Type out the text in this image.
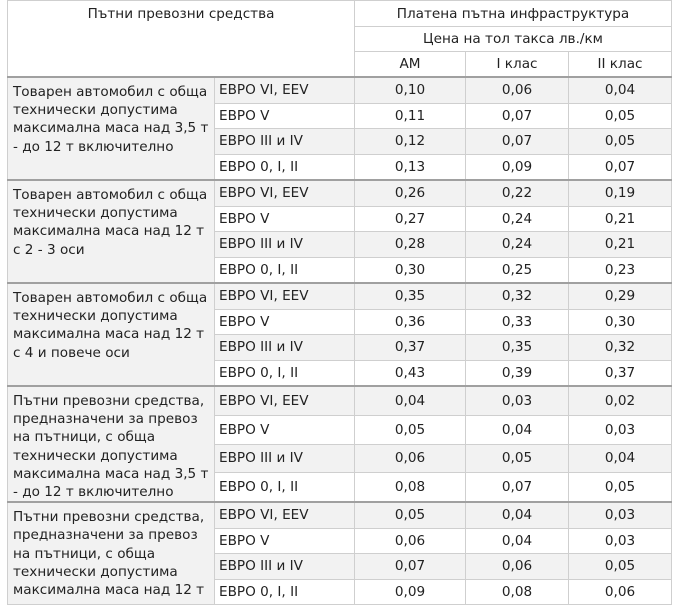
Пътни превозни средства		Платена пътна инфраструктура		
		Цена на тол такса лв./км		
		АМ	I клас	II клас
Товарен автомобил с обща технически допустима максимална маса над 3,5 т - до 12 т включително	ЕВРО VI, EEV	0,10	0,06	0,04
	ЕВРО V	0,11	0,07	0,05
	ЕВРО III и IV	0,12	0,07	0,05
	ЕВРО 0, I, II	0,13	0,09	0,07
Товарен автомобил с обща технически допустима максимална маса над 12 т с 2 - 3 оси	ЕВРО VI, EEV	0,26	0,22	0,19
	ЕВРО V	0,27	0,24	0,21
	ЕВРО III и IV	0,28	0,24	0,21
	ЕВРО 0, I, II	0,30	0,25	0,23
Товарен автомобил с обща технически допустима максимална маса над 12 т с 4 и повече оси	ЕВРО VI, EEV	0,35	0,32	0,29
	ЕВРО V	0,36	0,33	0,30
	ЕВРО III и IV	0,37	0,35	0,32
	ЕВРО 0, I, II	0,43	0,39	0,37
Пътни превозни средства, предназначени за превоз на пътници, с обща технически допустима максимална маса над 3,5 т - до 12 т включително	ЕВРО VI, EEV	0,04	0,03	0,02
	ЕВРО V	0,05	0,04	0,03
	ЕВРО III и IV	0,06	0,05	0,04
	ЕВРО 0, I, II	0,08	0,07	0,05
Пътни превозни средства, предназначени за превоз на пътници, с обща технически допустима максимална маса над 12 т	ЕВРО VI, EEV	0,05	0,04	0,03
	ЕВРО V	0,06	0,04	0,03
	ЕВРО III и IV	0,07	0,06	0,05
	ЕВРО 0, I, II	0,09	0,08	0,06
